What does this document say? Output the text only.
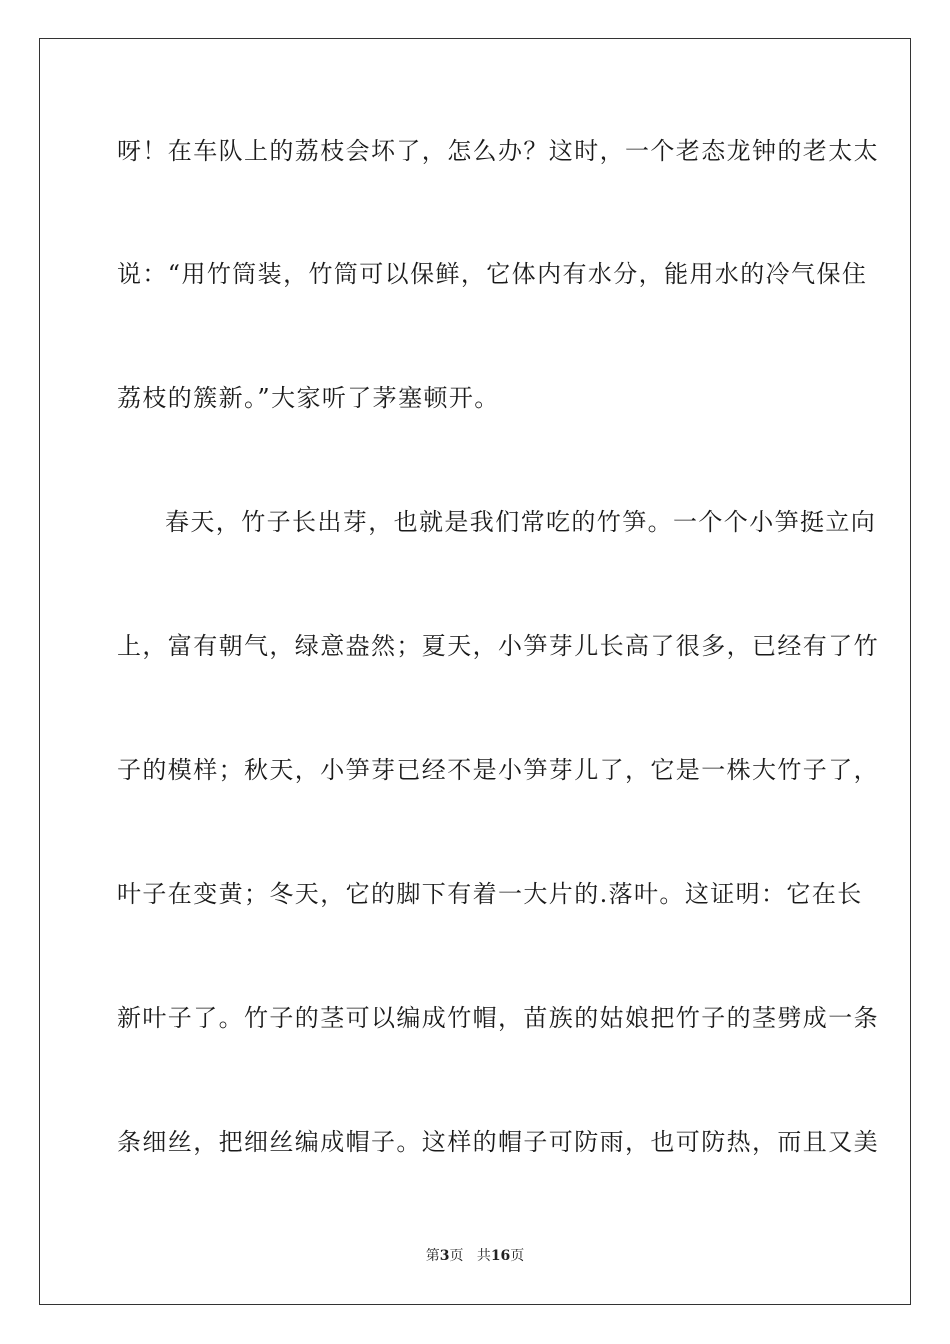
呀！在车队上的荔枝会坏了，怎么办？这时，一个老态龙钟的老太太

说：“用竹筒装，竹筒可以保鲜，它体内有水分，能用水的冷气保住

荔枝的簇新。”大家听了茅塞顿开。

春天，竹子长出芽，也就是我们常吃的竹笋。一个个小笋挺立向

上，富有朝气，绿意盎然；夏天，小笋芽儿长高了很多，已经有了竹

子的模样；秋天，小笋芽已经不是小笋芽儿了，它是一株大竹子了，

叶子在变黄；冬天，它的脚下有着一大片的.落叶。这证明：它在长

新叶子了。竹子的茎可以编成竹帽，苗族的姑娘把竹子的茎劈成一条

条细丝，把细丝编成帽子。这样的帽子可防雨，也可防热，而且又美

第3页 共16页
